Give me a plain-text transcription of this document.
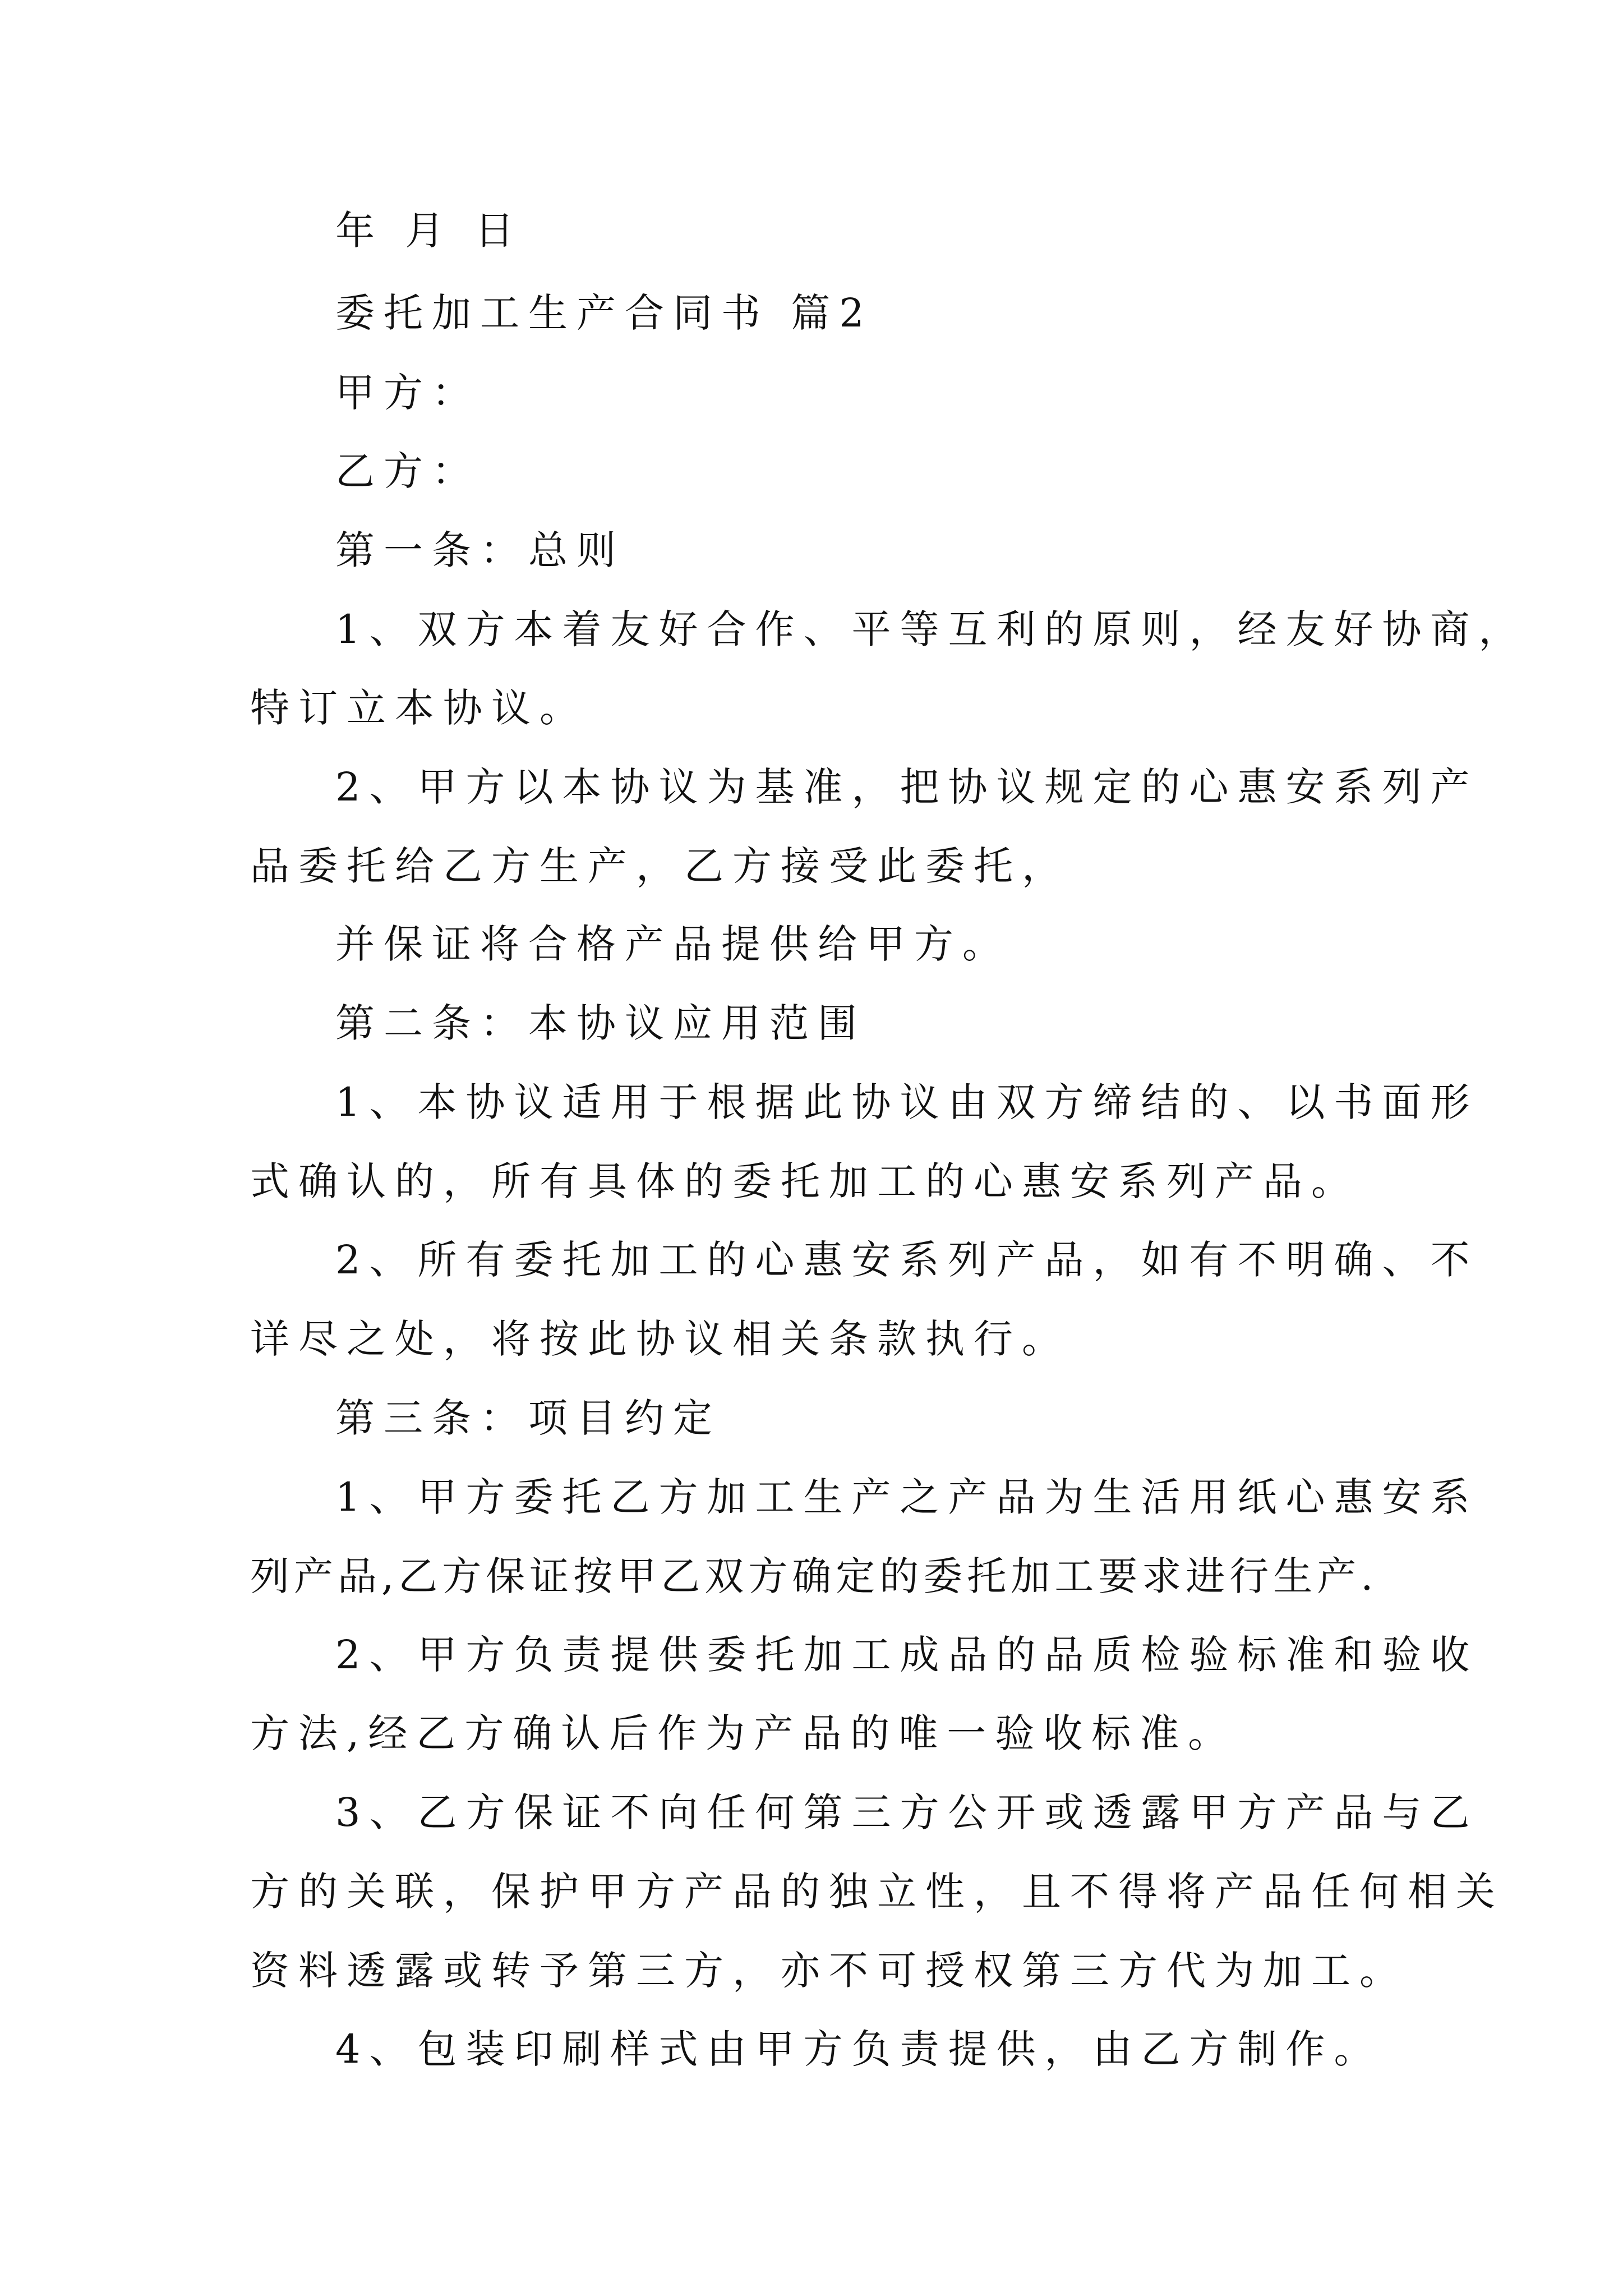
年 月 日
委托加工生产合同书 篇2
甲方：
乙方：
第一条：总则
1、双方本着友好合作、平等互利的原则，经友好协商，
特订立本协议。
2、甲方以本协议为基准，把协议规定的心惠安系列产
品委托给乙方生产，乙方接受此委托，
并保证将合格产品提供给甲方。
第二条：本协议应用范围
1、本协议适用于根据此协议由双方缔结的、以书面形
式确认的，所有具体的委托加工的心惠安系列产品。
2、所有委托加工的心惠安系列产品，如有不明确、不
详尽之处，将按此协议相关条款执行。
第三条：项目约定
1、甲方委托乙方加工生产之产品为生活用纸心惠安系
列产品,乙方保证按甲乙双方确定的委托加工要求进行生产.
2、甲方负责提供委托加工成品的品质检验标准和验收
方法,经乙方确认后作为产品的唯一验收标准。
3、乙方保证不向任何第三方公开或透露甲方产品与乙
方的关联，保护甲方产品的独立性，且不得将产品任何相关
资料透露或转予第三方，亦不可授权第三方代为加工。
4、包装印刷样式由甲方负责提供，由乙方制作。
